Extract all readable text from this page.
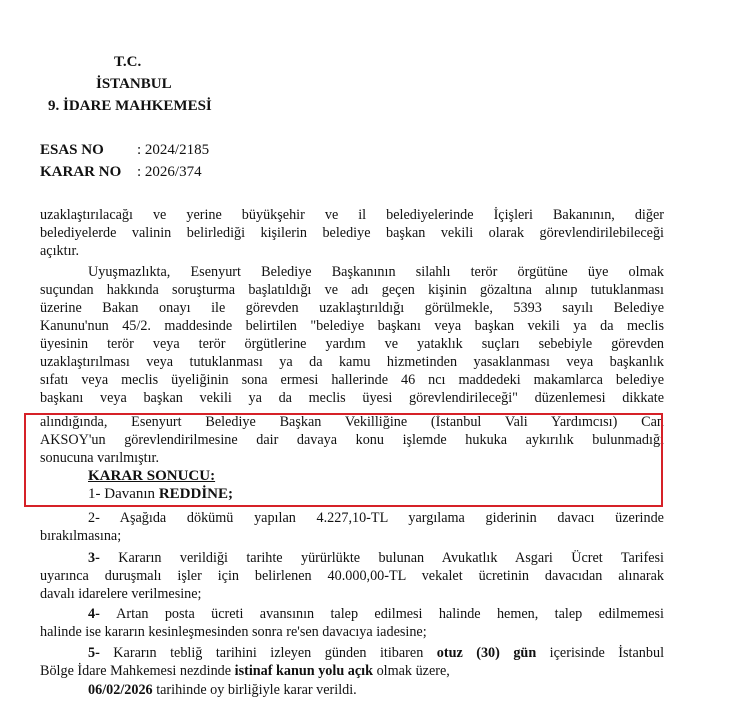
T.C.
İSTANBUL
9. İDARE MAHKEMESİ
ESAS NO : 2024/2185
KARAR NO : 2026/374
uzaklaştırılacağı ve yerine büyükşehir ve il belediyelerinde İçişleri Bakanının, diğer
belediyelerde valinin belirlediği kişilerin belediye başkan vekili olarak görevlendirilebileceği
açıktır.
Uyuşmazlıkta, Esenyurt Belediye Başkanının silahlı terör örgütüne üye olmak
suçundan hakkında soruşturma başlatıldığı ve adı geçen kişinin gözaltına alınıp tutuklanması
üzerine Bakan onayı ile görevden uzaklaştırıldığı görülmekle, 5393 sayılı Belediye
Kanunu'nun 45/2. maddesinde belirtilen "belediye başkanı veya başkan vekili ya da meclis
üyesinin terör veya terör örgütlerine yardım ve yataklık suçları sebebiyle görevden
uzaklaştırılması veya tutuklanması ya da kamu hizmetinden yasaklanması veya başkanlık
sıfatı veya meclis üyeliğinin sona ermesi hallerinde 46 ncı maddedeki makamlarca belediye
başkanı veya başkan vekili ya da meclis üyesi görevlendirileceği" düzenlemesi dikkate
alındığında, Esenyurt Belediye Başkan Vekilliğine (İstanbul Vali Yardımcısı) Can
AKSOY'un görevlendirilmesine dair davaya konu işlemde hukuka aykırılık bulunmadığı
sonucuna varılmıştır.
KARAR SONUCU:
1- Davanın REDDİNE;
2- Aşağıda dökümü yapılan 4.227,10-TL yargılama giderinin davacı üzerinde
bırakılmasına;
3- Kararın verildiği tarihte yürürlükte bulunan Avukatlık Asgari Ücret Tarifesi
uyarınca duruşmalı işler için belirlenen 40.000,00-TL vekalet ücretinin davacıdan alınarak
davalı idarelere verilmesine;
4- Artan posta ücreti avansının talep edilmesi halinde hemen, talep edilmemesi
halinde ise kararın kesinleşmesinden sonra re'sen davacıya iadesine;
5- Kararın tebliğ tarihini izleyen günden itibaren otuz (30) gün içerisinde İstanbul
Bölge İdare Mahkemesi nezdinde istinaf kanun yolu açık olmak üzere,
06/02/2026 tarihinde oy birliğiyle karar verildi.
